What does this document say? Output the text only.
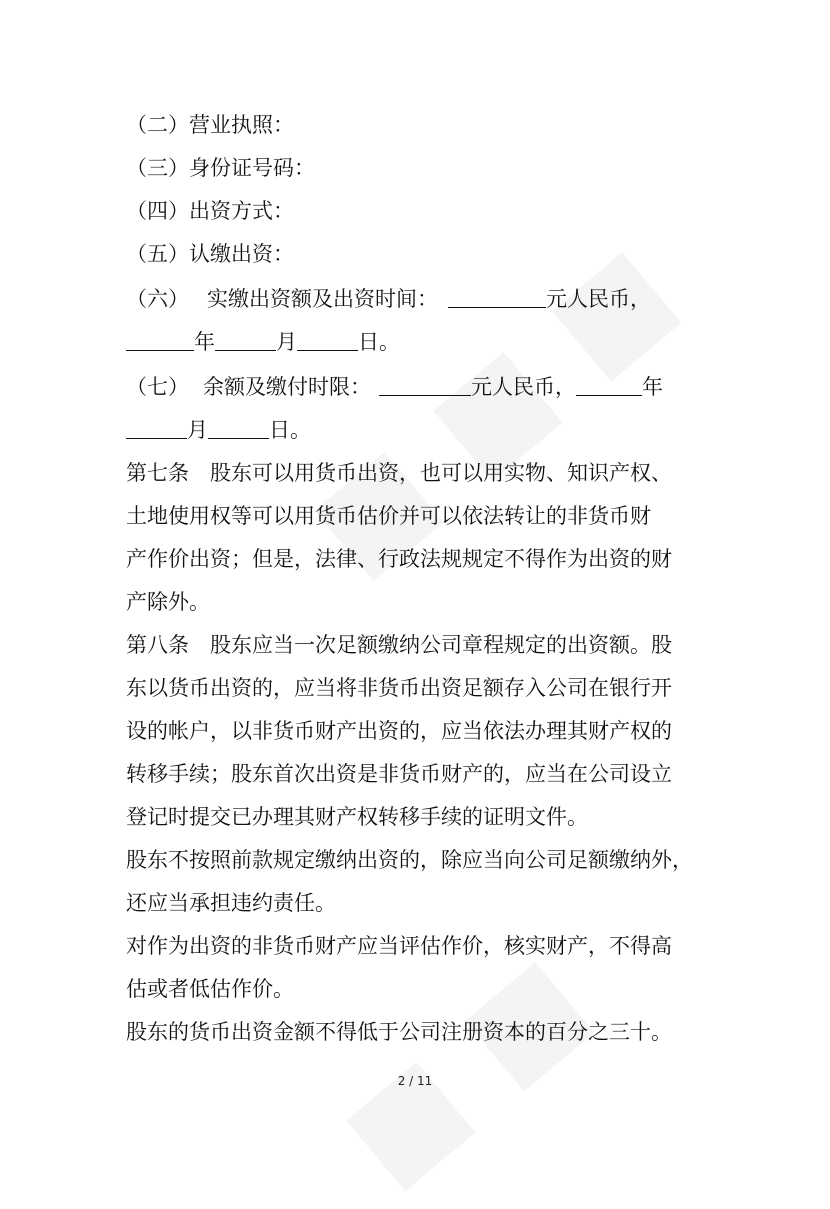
（二）营业执照：
（三）身份证号码：
（四）出资方式：
（五）认缴出资：
（六） 实缴出资额及出资时间：	元人民币，
年	月	日。
（七） 余额及缴付时限：	元人民币，	年
月	日。
第七条　股东可以用货币出资，也可以用实物、知识产权、
土地使用权等可以用货币估价并可以依法转让的非货币财
产作价出资；但是，法律、行政法规规定不得作为出资的财
产除外。
第八条　股东应当一次足额缴纳公司章程规定的出资额。股
东以货币出资的，应当将非货币出资足额存入公司在银行开
设的帐户，以非货币财产出资的，应当依法办理其财产权的
转移手续；股东首次出资是非货币财产的，应当在公司设立
登记时提交已办理其财产权转移手续的证明文件。
股东不按照前款规定缴纳出资的，除应当向公司足额缴纳外，
还应当承担违约责任。
对作为出资的非货币财产应当评估作价，核实财产，不得高
估或者低估作价。
股东的货币出资金额不得低于公司注册资本的百分之三十。
2 / 11
